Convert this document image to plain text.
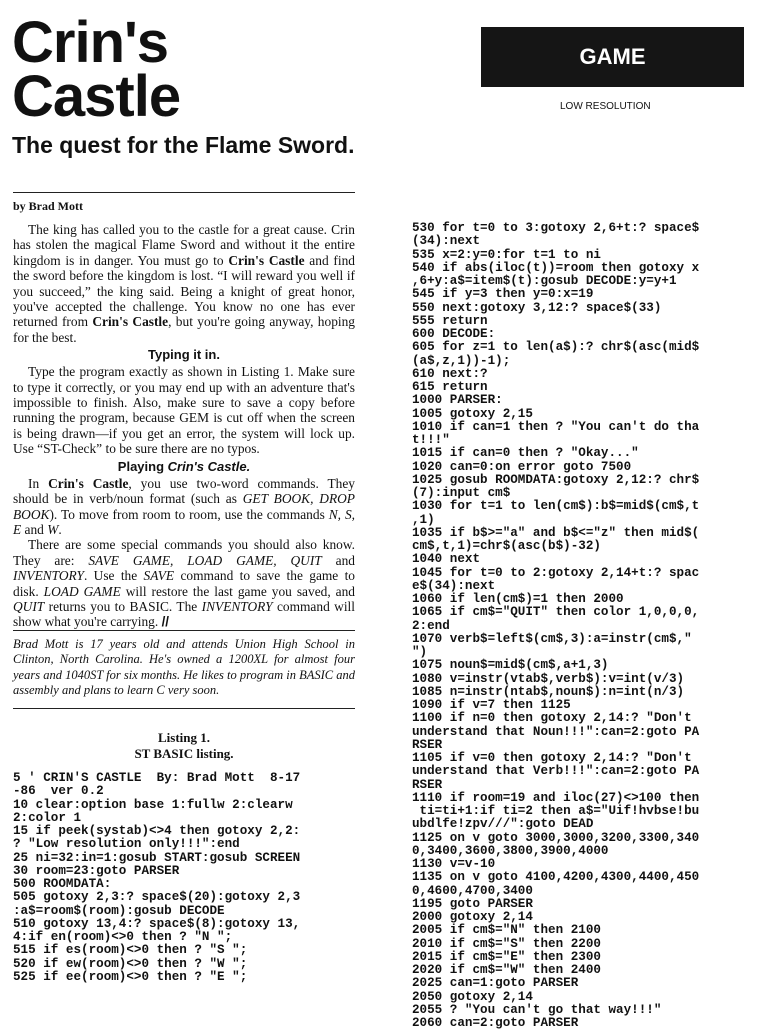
Crin's
Castle
The quest for the Flame Sword.
GAME
LOW RESOLUTION
by Brad Mott

The king has called you to the castle for a great cause. Crin has stolen the magical Flame Sword and without it the entire kingdom is in danger. You must go to Crin's Castle and find the sword before the kingdom is lost. “I will reward you well if you succeed,” the king said. Being a knight of great honor, you've accepted the challenge. You know no one has ever returned from Crin's Castle, but you're going anyway, hoping for the best.

Typing it in.

Type the program exactly as shown in Listing 1. Make sure to type it correctly, or you may end up with an adventure that's impossible to finish. Also, make sure to save a copy before running the program, because GEM is cut off when the screen is being drawn—if you get an error, the system will lock up. Use “ST-Check” to be sure there are no typos.

Playing Crin's Castle.

In Crin's Castle, you use two-word commands. They should be in verb/noun format (such as GET BOOK, DROP BOOK). To move from room to room, use the commands N, S, E and W.

There are some special commands you should also know. They are: SAVE GAME, LOAD GAME, QUIT and INVENTORY. Use the SAVE command to save the game to disk. LOAD GAME will restore the last game you saved, and QUIT returns you to BASIC. The INVENTORY command will show what you're carrying. //

Brad Mott is 17 years old and attends Union High School in Clinton, North Carolina. He's owned a 1200XL for almost four years and 1040ST for six months. He likes to program in BASIC and assembly and plans to learn C very soon.

Listing 1.
ST BASIC listing.
5 ' CRIN'S CASTLE  By: Brad Mott  8-17
-86  ver 0.2
10 clear:option base 1:fullw 2:clearw
2:color 1
15 if peek(systab)<>4 then gotoxy 2,2:
? "Low resolution only!!!":end
25 ni=32:in=1:gosub START:gosub SCREEN
30 room=23:goto PARSER
500 ROOMDATA:
505 gotoxy 2,3:? space$(20):gotoxy 2,3
:a$=room$(room):gosub DECODE
510 gotoxy 13,4:? space$(8):gotoxy 13,
4:if en(room)<>0 then ? "N ";
515 if es(room)<>0 then ? "S ";
520 if ew(room)<>0 then ? "W ";
525 if ee(room)<>0 then ? "E ";
530 for t=0 to 3:gotoxy 2,6+t:? space$
(34):next
535 x=2:y=0:for t=1 to ni
540 if abs(iloc(t))=room then gotoxy x
,6+y:a$=item$(t):gosub DECODE:y=y+1
545 if y=3 then y=0:x=19
550 next:gotoxy 3,12:? space$(33)
555 return
600 DECODE:
605 for z=1 to len(a$):? chr$(asc(mid$
(a$,z,1))-1);
610 next:?
615 return
1000 PARSER:
1005 gotoxy 2,15
1010 if can=1 then ? "You can't do tha
t!!!"
1015 if can=0 then ? "Okay..."
1020 can=0:on error goto 7500
1025 gosub ROOMDATA:gotoxy 2,12:? chr$
(7):input cm$
1030 for t=1 to len(cm$):b$=mid$(cm$,t
,1)
1035 if b$>="a" and b$<="z" then mid$(
cm$,t,1)=chr$(asc(b$)-32)
1040 next
1045 for t=0 to 2:gotoxy 2,14+t:? spac
e$(34):next
1060 if len(cm$)=1 then 2000
1065 if cm$="QUIT" then color 1,0,0,0,
2:end
1070 verb$=left$(cm$,3):a=instr(cm$,"
")
1075 noun$=mid$(cm$,a+1,3)
1080 v=instr(vtab$,verb$):v=int(v/3)
1085 n=instr(ntab$,noun$):n=int(n/3)
1090 if v=7 then 1125
1100 if n=0 then gotoxy 2,14:? "Don't
understand that Noun!!!":can=2:goto PA
RSER
1105 if v=0 then gotoxy 2,14:? "Don't
understand that Verb!!!":can=2:goto PA
RSER
1110 if room=19 and iloc(27)<>100 then
ti=ti+1:if ti=2 then a$="Uif!hvbse!bu
ubdlfe!zpv///":goto DEAD
1125 on v goto 3000,3000,3200,3300,340
0,3400,3600,3800,3900,4000
1130 v=v-10
1135 on v goto 4100,4200,4300,4400,450
0,4600,4700,3400
1195 goto PARSER
2000 gotoxy 2,14
2005 if cm$="N" then 2100
2010 if cm$="S" then 2200
2015 if cm$="E" then 2300
2020 if cm$="W" then 2400
2025 can=1:goto PARSER
2050 gotoxy 2,14
2055 ? "You can't go that way!!!"
2060 can=2:goto PARSER
